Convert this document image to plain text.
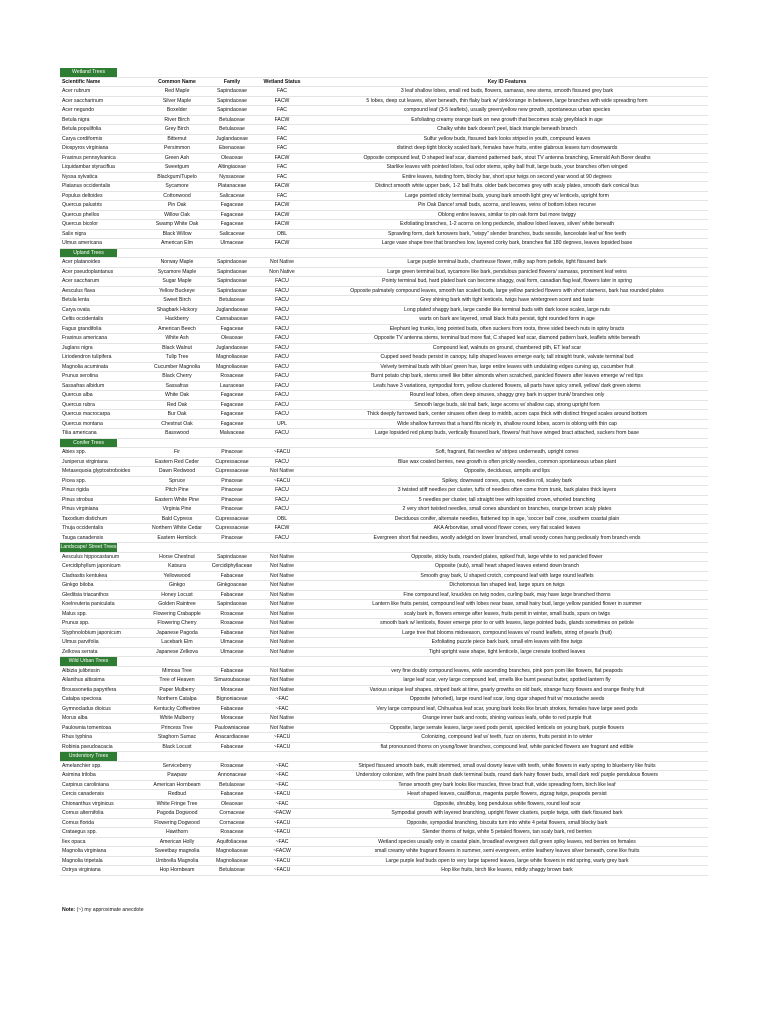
Wetland Trees				
Scientific Name	Common Name	Family	Wetland Status	Key ID Features
Acer rubrum	Red Maple	Sapindaceae	FAC	3 leaf shallow lobes, small red buds, flowers, samaras, new stems, smooth fissured grey bark
Acer saccharinum	Silver Maple	Sapindaceae	FACW	5 lobes, deep cut leaves, silver beneath, thin flaky bark w/ pink/orange in between, large branches with wide spreading form
Acer negundo	Boxelder	Sapindaceae	FAC	compound leaf (3-5 leaflets), usually green/yellow new growth, spontaneous urban species
Betula nigra	River Birch	Betulaceae	FACW	Exfoliating creamy orange bark on new growth that becomes scaly grey/black in age
Betula populifolia	Grey Birch	Betulaceae	FAC	Chalky white bark doesn't peel, black triangle beneath branch
Carya cordiformis	Bitternut	Juglandaceae	FAC	Sulfur yellow buds, fissured bark looks striped in youth, compound leaves
Diospyros virginiana	Persimmon	Ebenaceae	FAC	distinct deep tight blocky scaled bark, females have fruits, entire glabrous leaves turn downwards
Fraxinus pennsylvanica	Green Ash	Oleaceae	FACW	Opposite compound leaf, D shaped leaf scar, diamond patterned bark, stout TV antenna branching, Emerald Ash Borer deaths
Liquidambar styraciflua	Sweetgum	Altingiaceae	FAC	Starlike leaves with pointed lobes, foul odor stems, spiky ball fruit, large buds, your branches often winged
Nyssa sylvatica	Blackgum/Tupelo	Nyssaceae	FAC	Entire leaves, twisting form, blocky bar, short spur twigs on second year wood at 90 degrees
Platanus occidentalis	Sycamore	Platanaceae	FACW	Distinct smooth white upper bark, 1-2 ball fruits. older bark becomes grey with scaly plates, smooth dark conical bus
Populus deltoides	Cottonwood	Salicaceae	FAC	Large pointed sticky terminal buds, young bark smooth light grey w/ lenticels, upright form
Quercus palustris	Pin Oak	Fagaceae	FACW	Pin Oak Dance! small buds, acorns, and leaves, veins of bottom lobes recurve
Quercus phellos	Willow Oak	Fagaceae	FACW	Oblong entire leaves, similar to pin oak form but more twiggy
Quercus bicolor	Swamp White Oak	Fagaceae	FACW	Exfoliating branches, 1-2 acorns on long peduncle, shallow lobed leaves, silver/ white beneath
Salix nigra	Black Willow	Salicaceae	OBL	Sprawling form, dark furrowers bark, "wispy" slender branches, buds sessile, lanceolate leaf w/ fine teeth
Ulmus americana	American Elm	Ulmaceae	FACW	Large vase shape tree that branches low, layered corky bark, branches flat 180 degrees, leaves lopsided base
Upland Trees				
Acer platanoides	Norway Maple	Sapindaceae	Not Native	Large purple terminal buds, chartreuse flower, milky sap from petiole, tight fissured bark
Acer pseudoplantanus	Sycamore Maple	Sapindaceae	Non Native	Large green terminal bud, sycamore like bark, pendulous panicled flowers/ samaras, prominent leaf veins
Acer saccharum	Sugar Maple	Sapindaceae	FACU	Pointy terminal bud, hard plated bark can become shaggy, oval form, canadian flag leaf, flowers later in spring
Aesculus flava	Yellow Buckeye	Sapindaceae	FACU	Opposite palmately compound leaves, smooth tan scaled buds, large yellow panicled flowers with short stamens, bark has rounded plates
Betula lenta	Sweet Birch	Betulaceae	FACU	Grey shining bark with tight lenticels, twigs have wintergreen scent and taste
Carya ovata	Shagbark Hickory	Juglandaceae	FACU	Long plated shaggy bark, large candle like terminal buds with dark loose scales, large nuts
Celtis occidentalis	Hackberry	Cannabaceae	FACU	warts on bark are layered, small black fruits persist, tight rounded form in age
Fagus grandifolia	American Beech	Fagaceae	FACU	Elephant leg trunks, long pointed buds, often suckers from roots, three sided beech nuts in spiny bracts
Fraxinus americana	White Ash	Oleaceae	FACU	Opposite TV antenna stems, terminal bud more flat, C shaped leaf scar, diamond pattern bark, leaflets white beneath
Juglans nigra	Black Walnut	Juglandaceae	FACU	Compound leaf, walnuts on ground, chambered pith, ET leaf scar
Liriodendron tulipifera	Tulip Tree	Magnoliaceae	FACU	Cupped seed heads persist in canopy, tulip shaped leaves emerge early, tall straight trunk, valvate terminal bud
Magnolia acuminata	Cucumber Magnolia	Magnoliaceae	FACU	Velvety terminal buds with blue/ green hue, large entire leaves with undulating edges curving up, cucumber fruit
Prunus serotina	Black Cherry	Rosaceae	FACU	Burnt potato chip bark, stems smell like bitter almonds when scratched, panicled flowers after leaves emerge w/ red tips
Sassafras albidum	Sassafras	Lauraceae	FACU	Leafs have 3 variations, sympodial form, yellow clustered flowers, all parts have spicy smell, yellow/ dark green stems
Quercus alba	White Oak	Fagaceae	FACU	Round leaf lobes, often deep sinuses, shaggy grey bark in upper trunk/ branches only
Quercus rubra	Red Oak	Fagaceae	FACU	Smooth large buds, ski trail bark, large acorns w/ shallow cap, strong upright form
Quercus macrocarpa	Bur Oak	Fagaceae	FACU	Thick deeply furrowed bark, center sinuses often deep to midrib, acorn caps thick with distinct fringed scales around bottom
Quercus montana	Chestnut Oak	Fagaceae	UPL	Wide shallow furrows that a hand fits nicely in, shallow round lobes, acorn is oblong with thin cap
Tilia americana	Basswood	Malvaceae	FACU	Large lopsided red plump buds, vertically fissured bark, flowers/ fruit have winged bract attached, suckers from base
Conifer Trees				
Abies spp.	Fir	Pinaceae	~FACU	Soft, fragrant, flat needles w/ stripes underneath, upright cones
Juniperus virginiana	Eastern Red Ceder	Cupressaceae	FACU	Blue wax coated berries, new growth is often prickly needles, common spontaneous urban plant
Metasequoia glyptostroboides	Dawn Redwood	Cupressaceae	Not Native	Opposite, deciduous, armpits and lips
Picea spp.	Spruce	Pinaceae	~FACU	Spikey, downward cones, spurs, needles roll, scaley bark
Pinus rigida	Pitch Pine	Pinaceae	FACU	3 twisted stiff needles per cluster, tufts of needles often come from trunk, bark plates thick layers
Pinus strobus	Eastern White Pine	Pinaceae	FACU	5 needles per cluster, tall straight tree with lopsided crown, whorled branching
Pinus virginiana	Virginia Pine	Pinaceae	FACU	2 very short twisted needles, small cones abundant on branches, orange brown scaly plates
Taxodium distichum	Bald Cypress	Cupressaceae	OBL	Deciduous conifer, alternate needles, flattened top in age, 'soccer ball' cone, southern coastal plain
Thuja occidentalis	Northern White Cedar	Cupressaceae	FACW	AKA Arborvitae, small wood flower cones, very flat scaled leaves
Tsuga canadensis	Eastern Hemlock	Pinaceae	FACU	Evergreen short flat needles, woolly adelgid on lower branched, small woody cones hang pediously from branch ends
Landscape/ Street Trees				
Aesculus hippocastanum	Horse Chestnut	Sapindaceae	Not Native	Opposite, sticky buds, rounded plates, spiked fruit, large white to red panicled flower
Cercidiphyllum japonicum	Katsura	Cercidiphyllaceae	Not Native	Opposite (sub), small heart shaped leaves extend down branch
Cladrastis kentukea	Yellowwood	Fabaceae	Not Native	Smooth gray bark, U shaped crotch, compound leaf with large round leaflets
Ginkgo biloba	Ginkgo	Ginkgoaceae	Not Native	Dichotomous fan shaped leaf, large spurs on twigs
Gleditsia triacanthos	Honey Locust	Fabaceae	Not Native	Fine compound leaf, knuckles on twig nodes, curling bark, may have large branched thorns
Koelreuteria paniculata	Golden Raintree	Sapindaceae	Not Native	Lantern like fruits persist, compound leaf with lobes near base, small hairy bud, large yellow panicled flower in summer
Malus spp.	Flowering Crabapple	Rosaceae	Not Native	scaly bark in, flowers emerge after leaves, fruits persit in winter, small buds, spurs on twigs
Prunus spp.	Flowering Cherry	Rosaceae	Not Native	smooth bark w/ lenticels, flower emerge prior to or with leaves, large pointed buds, glands sometimes on petiole
Styphnolobium japonicum	Japanese Pagoda	Fabaceae	Not Native	Large tree that blooms midseason, compound leaves w/ round leaflets, string of pearls (fruit)
Ulmus parvifolia	Lacebark Elm	Ulmaceae	Not Native	Exfoliating puzzle piece bark bark, small elm leaves with fine twigs
Zelkova serrata	Japanese Zelkova	Ulmaceae	Not Native	Tight upright vase shape, tight lenticels, large crenate toothed leaves
Wild Urban Trees				
Albizia julibrissin	Mimosa Tree	Fabaceae	Not Native	very fine doubly compound leaves, wide ascending branches, pink pom pom like flowers, flat peapods
Ailanthus altissima	Tree of Heaven	Simaroubaceae	Not Native	large leaf scar, very large compound leaf, smells like burnt peanut butter, spotted lantern fly
Broussonetia papyrifera	Paper Mulberry	Moraceae	Not Native	Various unique leaf shapes, striped bark at time, gnarly growths on old bark, strange fuzzy flowers and orange fleshy fruit
Catalpa speciosa	Northern Catalpa	Bignoniaceae	~FAC	Opposite (whorled), large round leaf scar, long cigar shaped fruit w/ moustache seeds
Gymnocladus dioicus	Kentucky Coffeetree	Fabaceae	~FAC	Very large compound leaf, Chihuahua leaf scar, young bark looks like brush strokes, females have large seed pods
Morus alba	White Mulberry	Moraceae	Not Native	Orange inner bark and roots, shining various leafs, white to red purple fruit
Paulownia tomentosa	Princess Tree	Paulowniaceae	Not Native	Opposite, large serrate leaves, large seed pods persit, speckled lenticels on young bark, purple flowers
Rhus typhina	Staghorn Sumac	Anacardiaceae	~FACU	Colonizing, compound leaf w/ teeth, fuzz on stems, fruits persist in to winter
Robinia pseudoacacia	Black Locust	Fabaceae	~FACU	flat pronounced thorns on young/lower branches, compound leaf, white panicled flowers are fragrant and edible
Understory Trees				
Amelanchier spp.	Serviceberry	Rosaceae	~FAC	Striped fissured smooth bark, multi stemmed, small oval downy leave with teeth, white flowers in early spring to blueberry like fruits
Asimina triloba	Pawpaw	Annonaceae	~FAC	Understory colonizer, with fine paint brush dark terminal buds, round dark hairy flower buds, small dark red/ purple pendulous flowers
Carpinus caroliniana	American Hornbeam	Betulaceae	~FAC	Tense smooth grey bark looks like muscles, three bract fruit, wide spreading form, birch like leaf
Cercis canadensis	Redbud	Fabaceae	~FACU	Heart shaped leaves, cauliflorus, magenta purple flowers, zigzag twigs, peapods persist
Chionanthus virginicus	White Fringe Tree	Oleaceae	~FAC	Opposite, shrubby, long pendulous white flowers, round leaf scar
Cornus alternifolia	Pagoda Dogwood	Cornaceae	~FACW	Sympodial growth with layered branching, upright flower clusters, purple twigs, with dark fissured bark
Cornus florida	Flowering Dogwood	Cornaceae	~FACU	Opposite, sympodial branching, biscuits turn into white 4 petal flowers, small blocky bark
Crataegus spp.	Hawthorn	Rosaceae	~FACU	Slender thorns of twigs, white 5 petaled flowers, tan scaly bark, red berries
Ilex opaca	American Holly	Aquifoliaceae	~FAC	Wetland species usually only in coastal plain, broadleaf evergreen dull green spiky leaves, red berries on females
Magnolia virginiana	Sweetbay magnolia	Magnoliaceae	~FACW	small creamy white fragrant flowers in summer, semi evergreen, entire leathery leaves silver beneath, cone like fruits
Magnolia tripetala	Umbrella Magnolia	Magnoliaceae	~FACU	Large purple leaf buds open to very large tapered leaves, large white flowers in mid spring, warty grey bark
Ostrya virginiana	Hop Hornbeam	Betulaceae	~FACU	Hop like fruits, birch like leaves, mildly shaggy brown bark
Note: (~) my approximate anecdote
